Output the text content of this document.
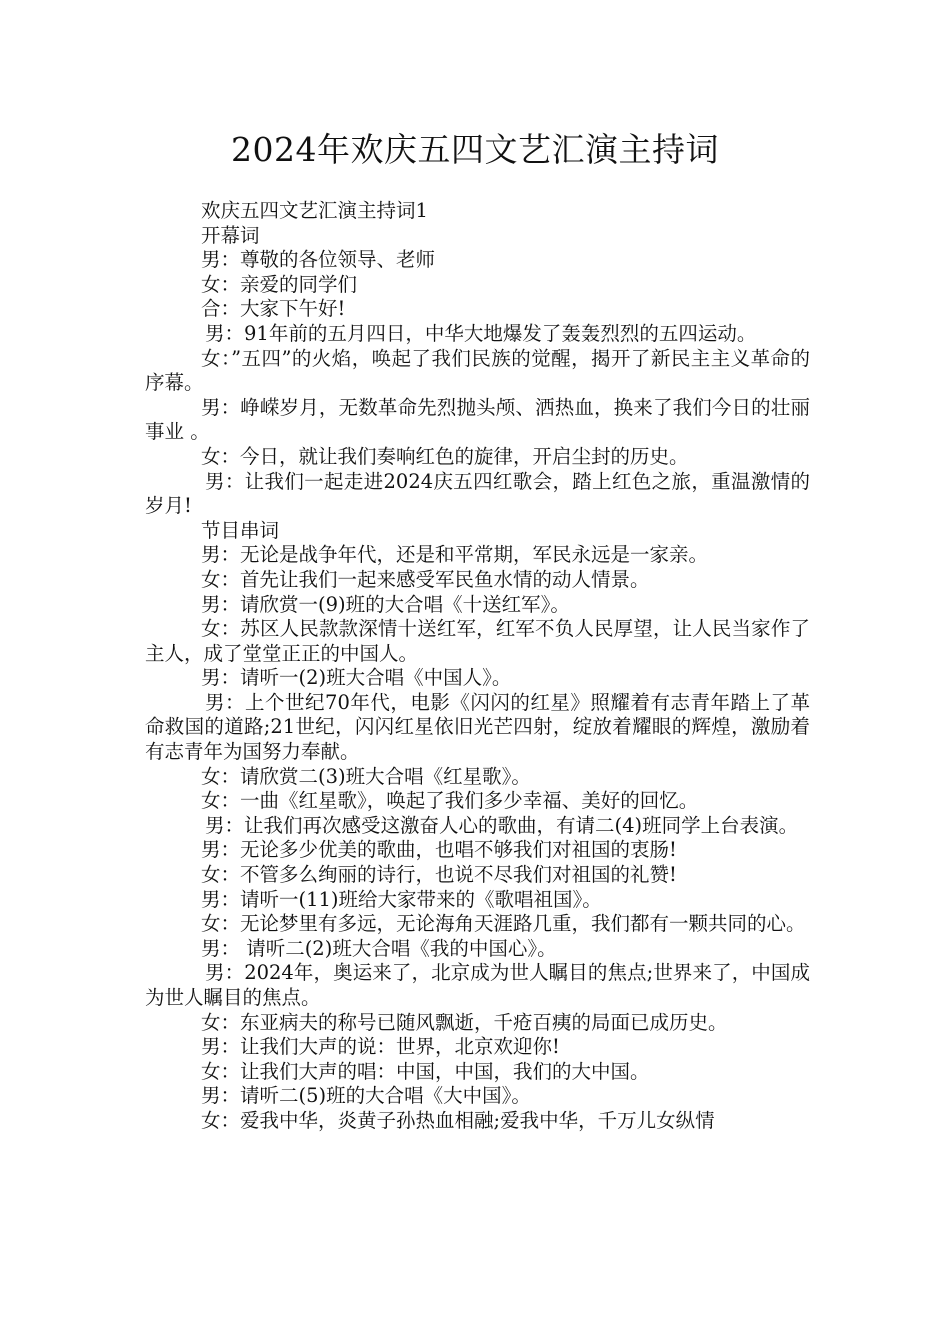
2024年欢庆五四文艺汇演主持词

欢庆五四文艺汇演主持词1

开幕词

男：尊敬的各位领导、老师

女：亲爱的同学们

合：大家下午好!

男：91年前的五月四日，中华大地爆发了轰轰烈烈的五四运动。

女：”五四”的火焰，唤起了我们民族的觉醒，揭开了新民主主义革命的序幕。

男：峥嵘岁月，无数革命先烈抛头颅、洒热血，换来了我们今日的壮丽事业 。

女：今日，就让我们奏响红色的旋律，开启尘封的历史。

男：让我们一起走进2024庆五四红歌会，踏上红色之旅，重温激情的岁月!

节目串词

男：无论是战争年代，还是和平常期，军民永远是一家亲。

女：首先让我们一起来感受军民鱼水情的动人情景。

男：请欣赏一(9)班的大合唱《十送红军》。

女：苏区人民款款深情十送红军，红军不负人民厚望，让人民当家作了主人，成了堂堂正正的中国人。

男：请听一(2)班大合唱《中国人》。

男：上个世纪70年代，电影《闪闪的红星》照耀着有志青年踏上了革命救国的道路;21世纪，闪闪红星依旧光芒四射，绽放着耀眼的辉煌，激励着有志青年为国努力奉献。

女：请欣赏二(3)班大合唱《红星歌》。

女：一曲《红星歌》，唤起了我们多少幸福、美好的回忆。

男：让我们再次感受这激奋人心的歌曲，有请二(4)班同学上台表演。

男：无论多少优美的歌曲，也唱不够我们对祖国的衷肠!

女：不管多么绚丽的诗行，也说不尽我们对祖国的礼赞!

男：请听一(11)班给大家带来的《歌唱祖国》。

女：无论梦里有多远，无论海角天涯路几重，我们都有一颗共同的心。

男： 请听二(2)班大合唱《我的中国心》。

男：2024年，奥运来了，北京成为世人瞩目的焦点;世界来了，中国成为世人瞩目的焦点。

女：东亚病夫的称号已随风飘逝，千疮百痍的局面已成历史。

男：让我们大声的说：世界，北京欢迎你!

女：让我们大声的唱：中国，中国，我们的大中国。

男：请听二(5)班的大合唱《大中国》。

女：爱我中华，炎黄子孙热血相融;爱我中华，千万儿女纵情
